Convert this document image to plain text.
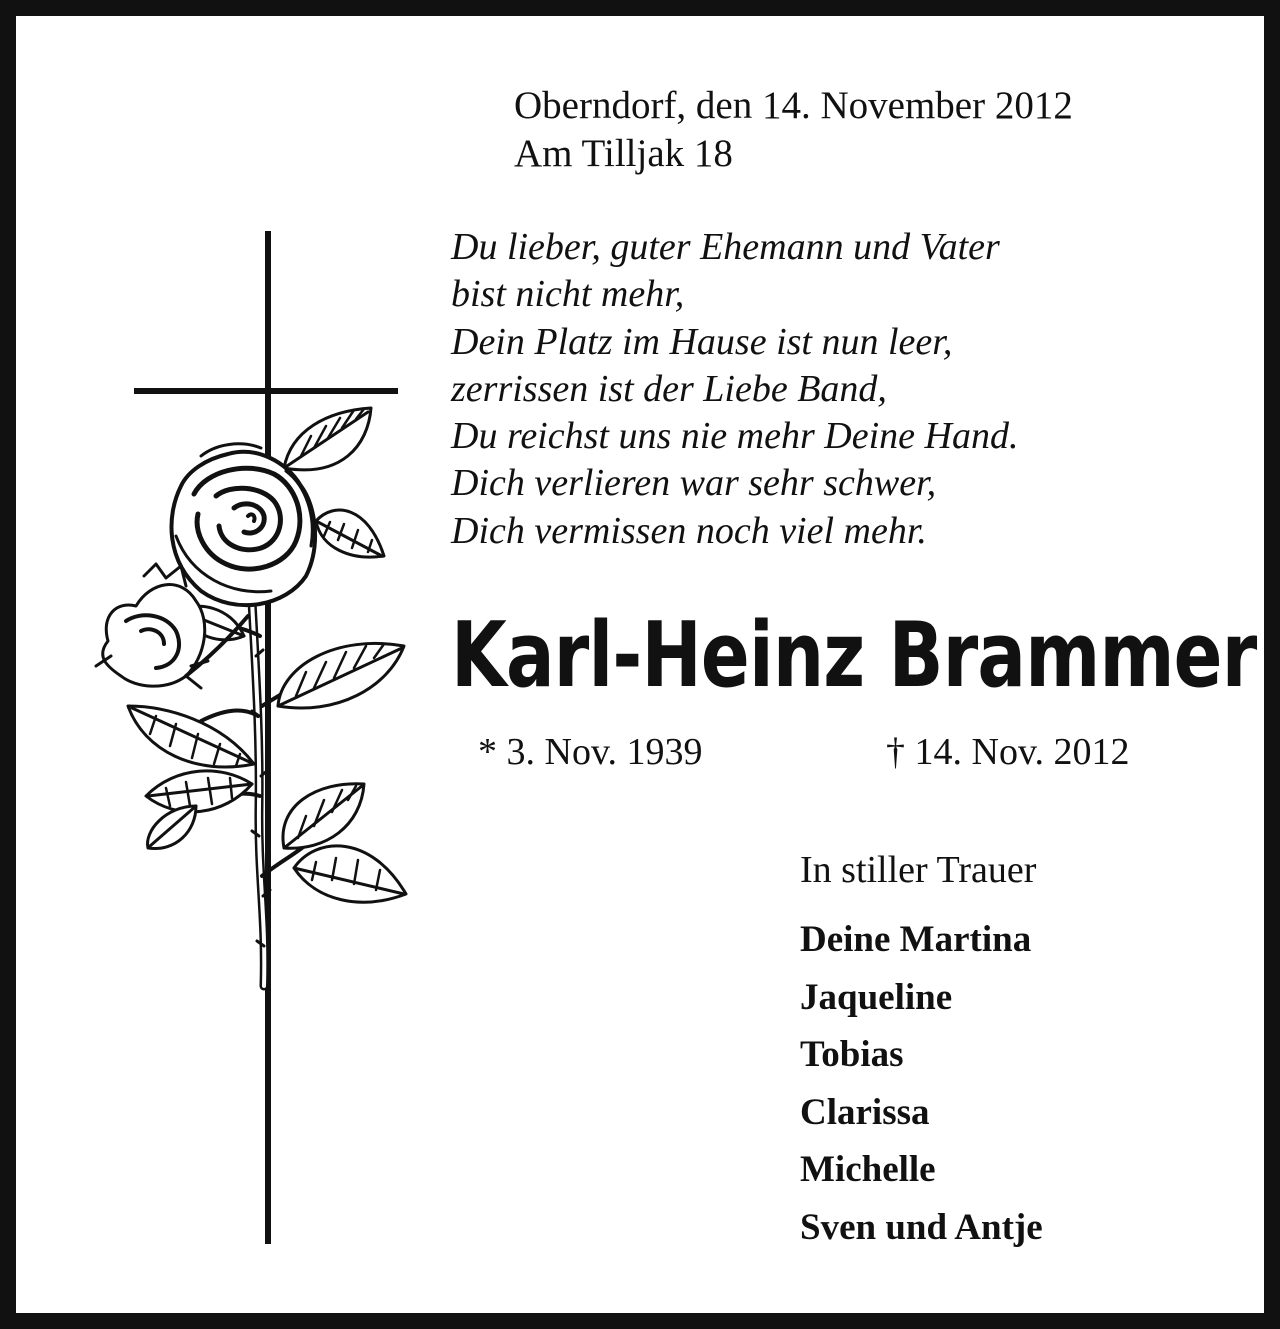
Oberndorf, den 14. November 2012
Am Tilljak 18
Du lieber, guter Ehemann und Vater
bist nicht mehr,
Dein Platz im Hause ist nun leer,
zerrissen ist der Liebe Band,
Du reichst uns nie mehr Deine Hand.
Dich verlieren war sehr schwer,
Dich vermissen noch viel mehr.
Karl-Heinz Brammer
* 3. Nov. 1939	† 14. Nov. 2012
In stiller Trauer
Deine Martina
Jaqueline
Tobias
Clarissa
Michelle
Sven und Antje
